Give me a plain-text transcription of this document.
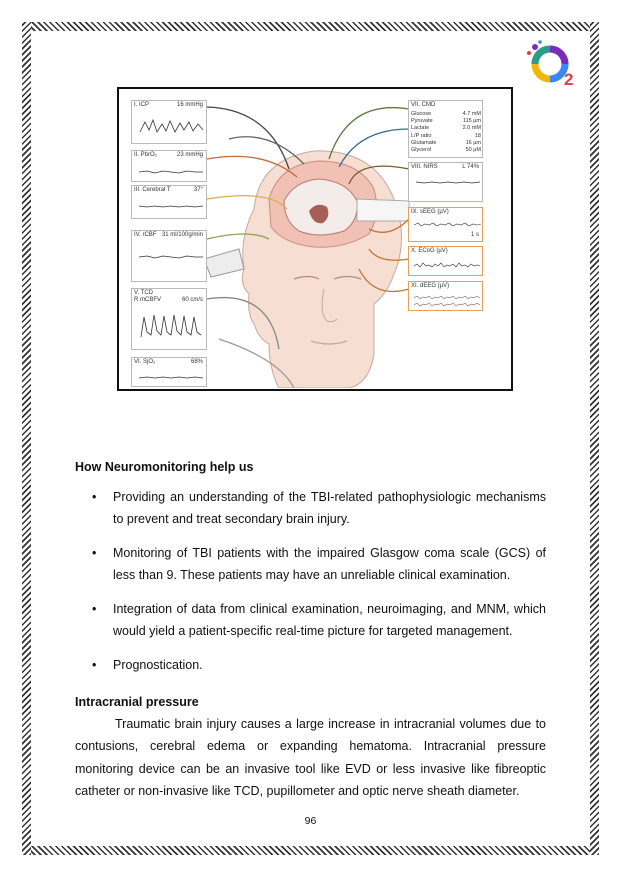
2
I. ICP	16 mmHg
II. PbrO₂	23 mmHg
III. Cerebral T	37°
IV. rCBF 31 ml/100g/min
V. TCD
R mCBFV	60 cm/s
VI. SjO₂	68%
VII. CMD
Glucose	4.7 mM
Pyruvate	115 µm
Lactate	2.0 mM
L/P ratio	18
Glutamate	16 µm
Glycerol	50 µM
VIII. NIRS	L 74%
IX. sEEG (µV)
1 s
X. ECoG (µV)
XI. dEEG (µV)
How Neuromonitoring help us
• Providing an understanding of the TBI-related pathophysiologic mechanisms to prevent and treat secondary brain injury.
• Monitoring of TBI patients with the impaired Glasgow coma scale (GCS) of less than 9. These patients may have an unreliable clinical examination.
• Integration of data from clinical examination, neuroimaging, and MNM, which would yield a patient-specific real-time picture for targeted management.
• Prognostication.
Intracranial pressure

Traumatic brain injury causes a large increase in intracranial volumes due to contusions, cerebral edema or expanding hematoma. Intracranial pressure monitoring device can be an invasive tool like EVD or less invasive like fibreoptic catheter or non-invasive like TCD, pupillometer and optic nerve sheath diameter.

96
